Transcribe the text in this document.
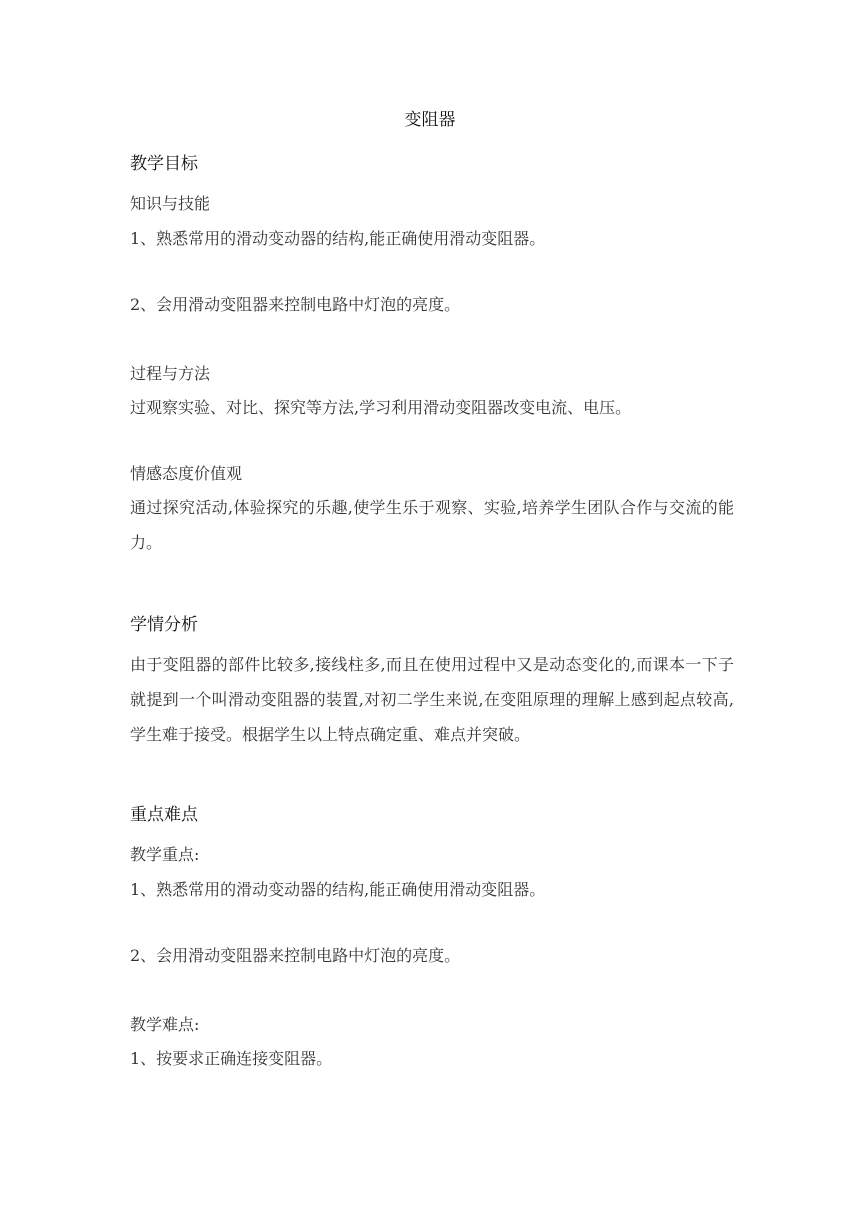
变阻器
教学目标
知识与技能
1、熟悉常用的滑动变动器的结构,能正确使用滑动变阻器。
2、会用滑动变阻器来控制电路中灯泡的亮度。
过程与方法
过观察实验、对比、探究等方法,学习利用滑动变阻器改变电流、电压。
情感态度价值观
通过探究活动,体验探究的乐趣,使学生乐于观察、实验,培养学生团队合作与交流的能力。
学情分析
由于变阻器的部件比较多,接线柱多,而且在使用过程中又是动态变化的,而课本一下子就提到一个叫滑动变阻器的装置,对初二学生来说,在变阻原理的理解上感到起点较高,学生难于接受。根据学生以上特点确定重、难点并突破。
重点难点
教学重点:
1、熟悉常用的滑动变动器的结构,能正确使用滑动变阻器。
2、会用滑动变阻器来控制电路中灯泡的亮度。
教学难点:
1、按要求正确连接变阻器。
